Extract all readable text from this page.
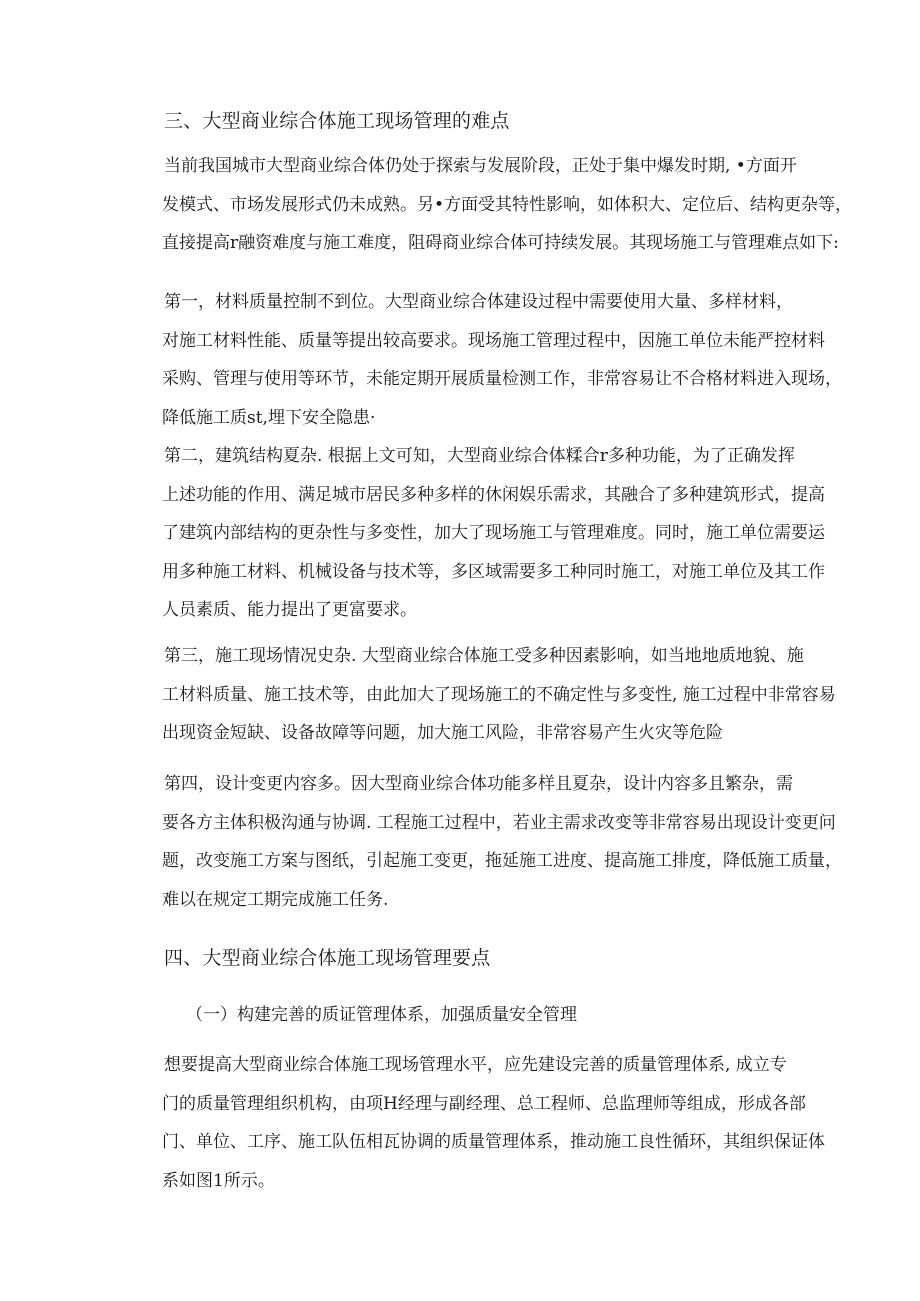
三、大型商业综合体施工现场管理的难点
当前我国城市大型商业综合体仍处于探索与发展阶段，正处于集中爆发时期, •方面开
发模式、市场发展形式仍未成熟。另•方面受其特性影响，如体积大、定位后、结构更杂等，
直接提高r融资难度与施工难度，阻碍商业综合体可持续发展。其现场施工与管理难点如下:
第一，材料质量控制不到位。大型商业综合体建设过程中需要使用大量、多样材料，
对施工材料性能、质量等提出较高要求。现场施工管理过程中，因施工单位未能严控材料
采购、管理与使用等环节，未能定期开展质量检测工作，非常容易让不合格材料进入现场，
降低施工质st,埋下安全隐患·
第二，建筑结构夏杂. 根据上文可知，大型商业综合体糅合r多种功能，为了正确发挥
上述功能的作用、满足城市居民多种多样的休闲娱乐需求，其融合了多种建筑形式，提高
了建筑内部结构的更杂性与多变性，加大了现场施工与管理难度。同时，施工单位需要运
用多种施工材料、机械设备与技术等，多区域需要多工种同时施工，对施工单位及其工作
人员素质、能力提出了更富要求。
第三，施工现场情况史杂. 大型商业综合体施工受多种因素影响，如当地地质地貌、施
工材料质量、施工技术等，由此加大了现场施工的不确定性与多变性, 施工过程中非常容易
出现资金短缺、设备故障等问题，加大施工风险，非常容易产生火灾等危险
第四，设计变更内容多。因大型商业综合体功能多样且夏杂，设计内容多且繁杂，需
要各方主体积极沟通与协调. 工程施工过程中，若业主需求改变等非常容易出现设计变更问
题，改变施工方案与图纸，引起施工变更，拖延施工进度、提高施工排度，降低施工质量，
难以在规定工期完成施工任务.
四、大型商业综合体施工现场管理要点
（一）构建完善的质证管理体系，加强质量安全管理
想要提高大型商业综合体施工现场管理水平，应先建设完善的质量管理体系, 成立专
门的质量管理组织机构，由项H经理与副经理、总工程师、总监理师等组成，形成各部
门、单位、工序、施工队伍相瓦协调的质量管理体系，推动施工良性循环，其组织保证体
系如图1所示。
